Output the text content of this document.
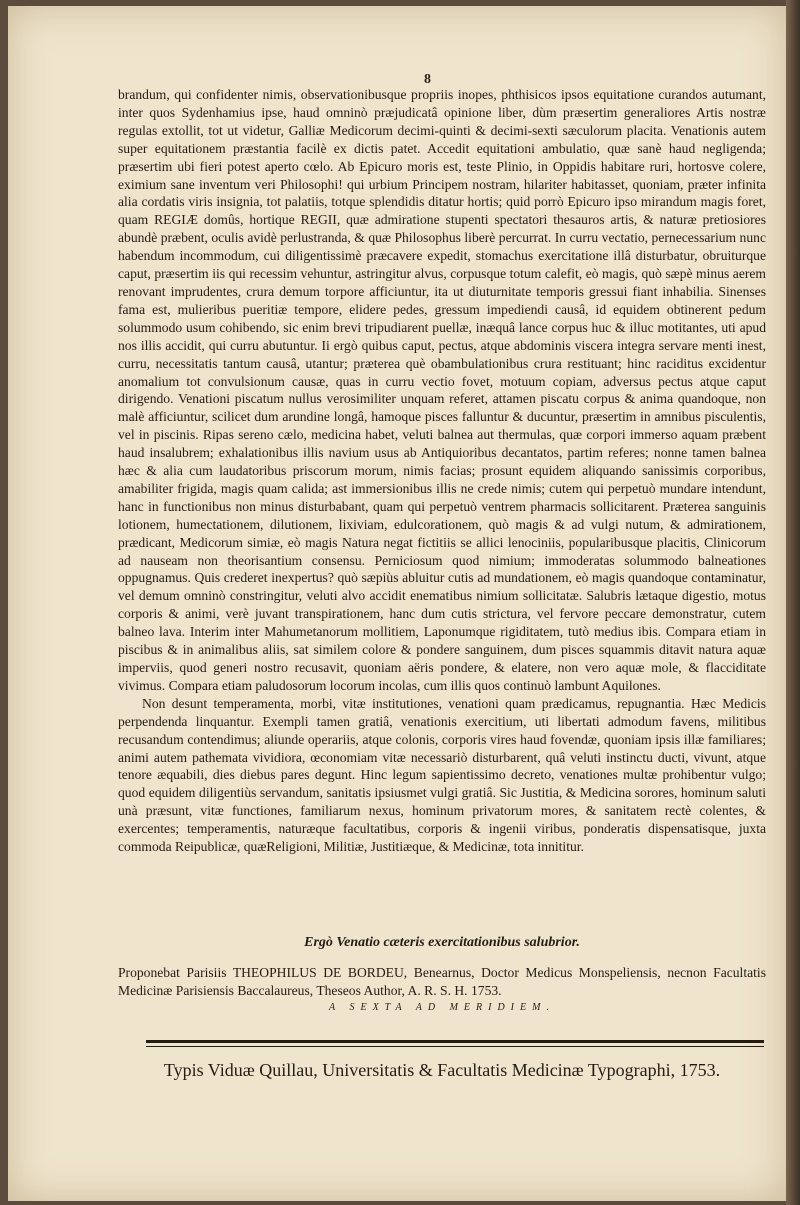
8

brandum, qui confidenter nimis, observationibusque propriis inopes, phthisicos ipsos equitatione curandos autumant, inter quos Sydenhamius ipse, haud omninò præjudicatâ opinione liber, dùm præsertim generaliores Artis nostræ regulas extollit, tot ut videtur, Galliæ Medicorum decimi-quinti & decimi-sexti sæculorum placita. Venationis autem super equitationem præstantia facilè ex dictis patet. Accedit equitationi ambulatio, quæ sanè haud negligenda; præsertim ubi fieri potest aperto cœlo. Ab Epicuro moris est, teste Plinio, in Oppidis habitare ruri, hortosve colere, eximium sane inventum veri Philosophi! qui urbium Principem nostram, hilariter habitasset, quoniam, præter infinita alia cordatis viris insignia, tot palatiis, totque splendidis ditatur hortis; quid porrò Epicuro ipso mirandum magis foret, quam REGIÆ domûs, hortique REGII, quæ admiratione stupenti spectatori thesauros artis, & naturæ pretiosiores abundè præbent, oculis avidè perlustranda, & quæ Philosophus liberè percurrat. In curru vectatio, pernecessarium nunc habendum incommodum, cui diligentissimè præcavere expedit, stomachus exercitatione illâ disturbatur, obruiturque caput, præsertim iis qui recessim vehuntur, astringitur alvus, corpusque totum calefit, eò magis, quò sæpè minus aerem renovant imprudentes, crura demum torpore afficiuntur, ita ut diuturnitate temporis gressui fiant inhabilia. Sinenses fama est, mulieribus pueritiæ tempore, elidere pedes, gressum impediendi causâ, id equidem obtinerent pedum solummodo usum cohibendo, sic enim brevi tripudiarent puellæ, inæquâ lance corpus huc & illuc motitantes, uti apud nos illis accidit, qui curru abutuntur. Ii ergò quibus caput, pectus, atque abdominis viscera integra servare menti inest, curru, necessitatis tantum causâ, utantur; præterea què obambulationibus crura restituant; hinc raciditus excidentur anomalium tot convulsionum causæ, quas in curru vectio fovet, motuum copiam, adversus pectus atque caput dirigendo. Venationi piscatum nullus verosimiliter unquam referet, attamen piscatu corpus & anima quandoque, non malè afficiuntur, scilicet dum arundine longâ, hamoque pisces falluntur & ducuntur, præsertim in amnibus pisculentis, vel in piscinis. Ripas sereno cælo, medicina habet, veluti balnea aut thermulas, quæ corpori immerso aquam præbent haud insalubrem; exhalationibus illis navium usus ab Antiquioribus decantatos, partim referes; nonne tamen balnea hæc & alia cum laudatoribus priscorum morum, nimis facias; prosunt equidem aliquando sanissimis corporibus, amabiliter frigida, magis quam calida; ast immersionibus illis ne crede nimis; cutem qui perpetuò mundare intendunt, hanc in functionibus non minus disturbabant, quam qui perpetuò ventrem pharmacis sollicitarent. Præterea sanguinis lotionem, humectationem, dilutionem, lixiviam, edulcorationem, quò magis & ad vulgi nutum, & admirationem, prædicant, Medicorum simiæ, eò magis Natura negat fictitiis se allici lenociniis, popularibusque placitis, Clinicorum ad nauseam non theorisantium consensu. Perniciosum quod nimium; immoderatas solummodo balneationes oppugnamus. Quis crederet inexpertus? quò sæpiùs abluitur cutis ad mundationem, eò magis quandoque contaminatur, vel demum omninò constringitur, veluti alvo accidit enematibus nimium sollicitatæ. Salubris lætaque digestio, motus corporis & animi, verè juvant transpirationem, hanc dum cutis strictura, vel fervore peccare demonstratur, cutem balneo lava. Interim inter Mahumetanorum mollitiem, Laponumque rigiditatem, tutò medius ibis. Compara etiam in piscibus & in animalibus aliis, sat similem colore & pondere sanguinem, dum pisces squammis ditavit natura aquæ imperviis, quod generi nostro recusavit, quoniam aëris pondere, & elatere, non vero aquæ mole, & flacciditate vivimus. Compara etiam paludosorum locorum incolas, cum illis quos continuò lambunt Aquilones.

Non desunt temperamenta, morbi, vitæ institutiones, venationi quam prædicamus, repugnantia. Hæc Medicis perpendenda linquantur. Exempli tamen gratiâ, venationis exercitium, uti libertati admodum favens, militibus recusandum contendimus; aliunde operariis, atque colonis, corporis vires haud fovendæ, quoniam ipsis illæ familiares; animi autem pathemata vividiora, œconomiam vitæ necessariò disturbarent, quâ veluti instinctu ducti, vivunt, atque tenore æquabili, dies diebus pares degunt. Hinc legum sapientissimo decreto, venationes multæ prohibentur vulgo; quod equidem diligentiùs servandum, sanitatis ipsiusmet vulgi gratiâ. Sic Justitia, & Medicina sorores, hominum saluti unà præsunt, vitæ functiones, familiarum nexus, hominum privatorum mores, & sanitatem rectè colentes, & exercentes; temperamentis, naturæque facultatibus, corporis & ingenii viribus, ponderatis dispensatisque, juxta commoda Reipublicæ, quæReligioni, Militiæ, Justitiæque, & Medicinæ, tota innititur.

Ergò Venatio cæteris exercitationibus salubrior.
Proponebat Parisiis THEOPHILUS DE BORDEU, Benearnus, Doctor Medicus Monspeliensis, necnon Facultatis Medicinæ Parisiensis Baccalaureus, Theseos Author, A. R. S. H. 1753.
A SEXTA AD MERIDIEM.
Typis Viduæ Quillau, Universitatis & Facultatis Medicinæ Typographi, 1753.
